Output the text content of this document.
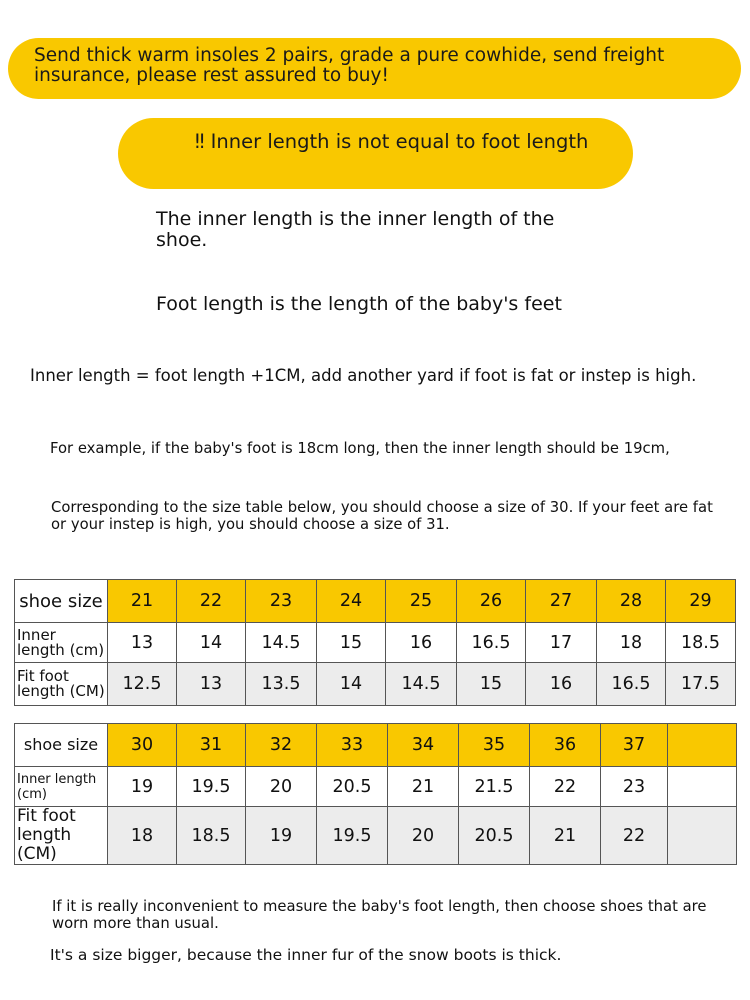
Send thick warm insoles 2 pairs, grade a pure cowhide, send freight insurance, please rest assured to buy!
‼ Inner length is not equal to foot length
The inner length is the inner length of the shoe.
Foot length is the length of the baby's feet
Inner length = foot length +1CM, add another yard if foot is fat or instep is high.
For example, if the baby's foot is 18cm long, then the inner length should be 19cm,
Corresponding to the size table below, you should choose a size of 30. If your feet are fat or your instep is high, you should choose a size of 31.
shoe size	21	22	23	24	25	26	27	28	29
Inner length (cm)	13	14	14.5	15	16	16.5	17	18	18.5
Fit foot length (CM)	12.5	13	13.5	14	14.5	15	16	16.5	17.5
shoe size	30	31	32	33	34	35	36	37	
Inner length (cm)	19	19.5	20	20.5	21	21.5	22	23	
Fit foot length (CM)	18	18.5	19	19.5	20	20.5	21	22	
If it is really inconvenient to measure the baby's foot length, then choose shoes that are worn more than usual.
It's a size bigger, because the inner fur of the snow boots is thick.
